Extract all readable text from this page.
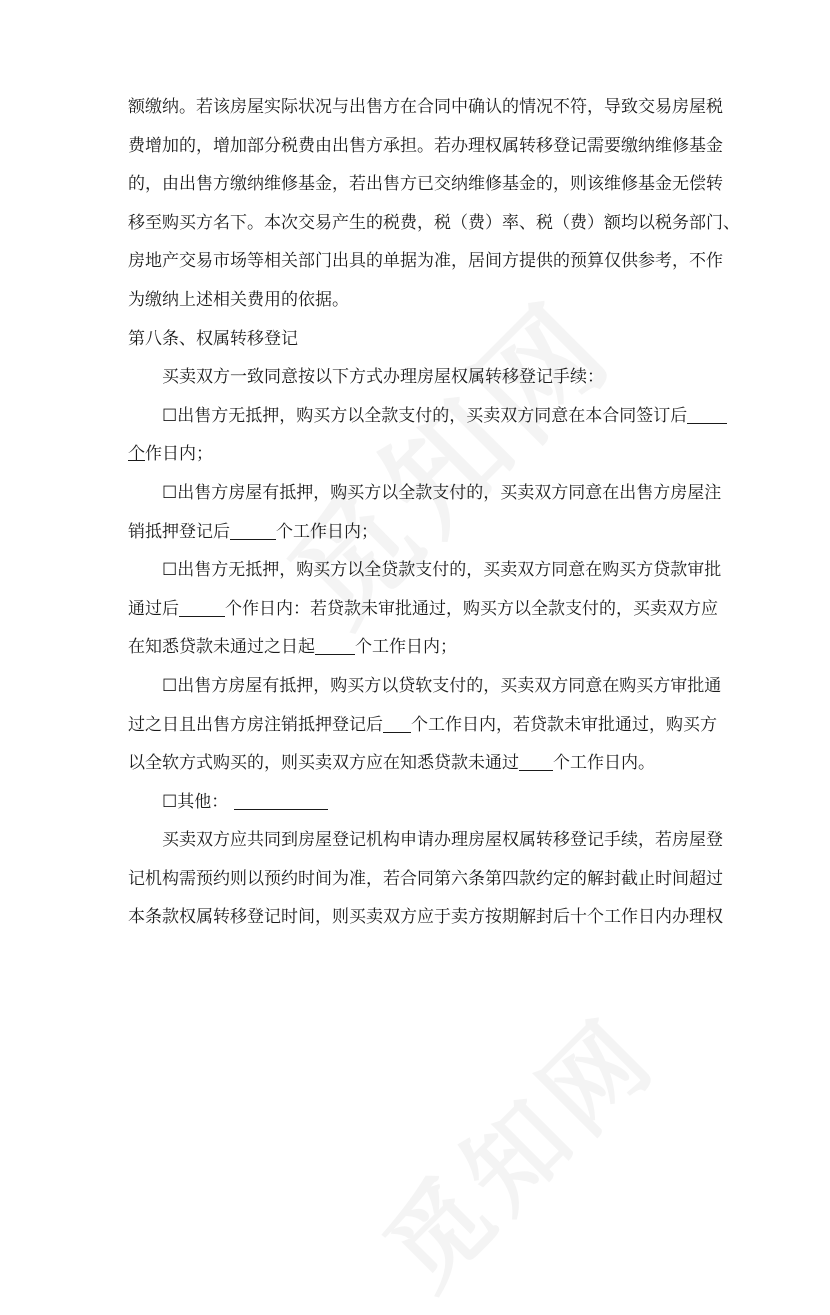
额缴纳。若该房屋实际状况与出售方在合同中确认的情况不符，导致交易房屋税
费增加的，增加部分税费由出售方承担。若办理权属转移登记需要缴纳维修基金
的，由出售方缴纳维修基金，若出售方已交纳维修基金的，则该维修基金无偿转
移至购买方名下。本次交易产生的税费，税（费）率、税（费）额均以税务部门、
房地产交易市场等相关部门出具的单据为准，居间方提供的预算仅供参考，不作
为缴纳上述相关费用的依据。
第八条、权属转移登记
买卖双方一致同意按以下方式办理房屋权属转移登记手续：
☐出售方无抵押，购买方以全款支付的，买卖双方同意在本合同签订后
个作日内；
☐出售方房屋有抵押，购买方以全款支付的，买卖双方同意在出售方房屋注
销抵押登记后	个工作日内；
☐出售方无抵押，购买方以全贷款支付的，买卖双方同意在购买方贷款审批
通过后	个作日内：若贷款未审批通过，购买方以全款支付的，买卖双方应
在知悉贷款未通过之日起 个工作日内；
☐出售方房屋有抵押，购买方以贷软支付的，买卖双方同意在购买方审批通
过之日且出售方房注销抵押登记后 个工作日内，若贷款未审批通过，购买方
以全软方式购买的，则买卖双方应在知悉贷款未通过 个工作日内。
☐其他：
买卖双方应共同到房屋登记机构申请办理房屋权属转移登记手续，若房屋登
记机构需预约则以预约时间为准，若合同第六条第四款约定的解封截止时间超过
本条款权属转移登记时间，则买卖双方应于卖方按期解封后十个工作日内办理权
